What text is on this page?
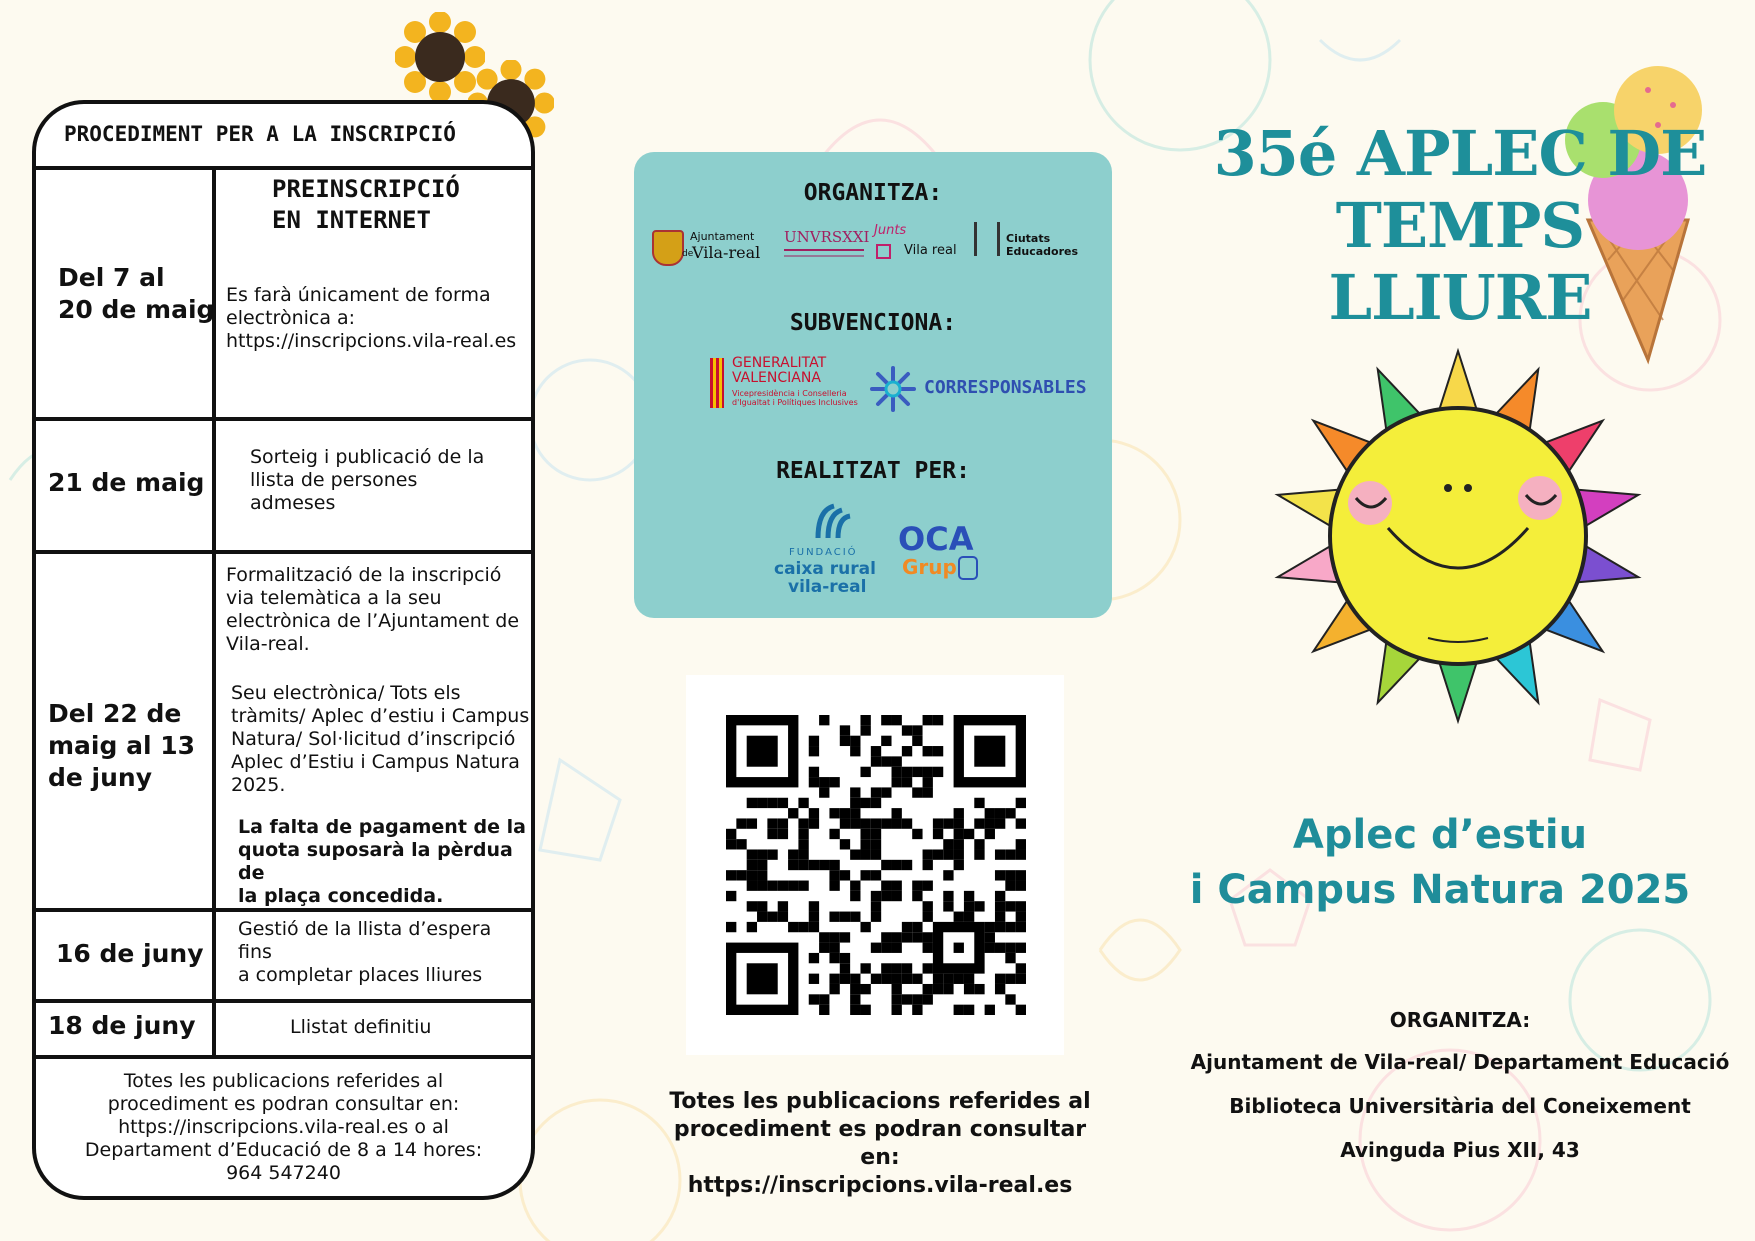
PROCEDIMENT PER A LA INSCRIPCIÓ
Del 7 al
20 de maig
PREINSCRIPCIÓ
EN INTERNET
Es farà únicament de forma
electrònica a:
https://inscripcions.vila-real.es
21 de maig
Sorteig i publicació de la
llista de persones
admeses
Del 22 de
maig al 13
de juny
Formalització de la inscripció
via telemàtica a la seu
electrònica de l’Ajuntament de
Vila-real.
Seu electrònica/ Tots els
tràmits/ Aplec d’estiu i Campus
Natura/ Sol·licitud d’inscripció
Aplec d’Estiu i Campus Natura
2025.
La falta de pagament de la
quota suposarà la pèrdua de
la plaça concedida.
16 de juny
Gestió de la llista d’espera fins
a completar places lliures
18 de juny	Llistat definitiu
Totes les publicacions referides al
procediment es podran consultar en:
https://inscripcions.vila-real.es o al
Departament d’Educació de 8 a 14 hores:
964 547240
ORGANITZA:
Ajuntament
de
Vila-real
UNVRSXXI Junts
Vila real
Ciutats
Educadores
SUBVENCIONA:
GENERALITAT
VALENCIANA
Vicepresidència i Conselleria
d'Igualtat i Polítiques Inclusives
CORRESPONSABLES
REALITZAT PER:
FUNDACIÓ
caixa rural
vila-real
OCA
Grup
Totes les publicacions referides al
procediment es podran consultar en:
https://inscripcions.vila-real.es
35é APLEC DE
TEMPS LLIURE
Aplec d’estiu
i Campus Natura 2025
ORGANITZA:
Ajuntament de Vila-real/ Departament Educació
Biblioteca Universitària del Coneixement
Avinguda Pius XII, 43
